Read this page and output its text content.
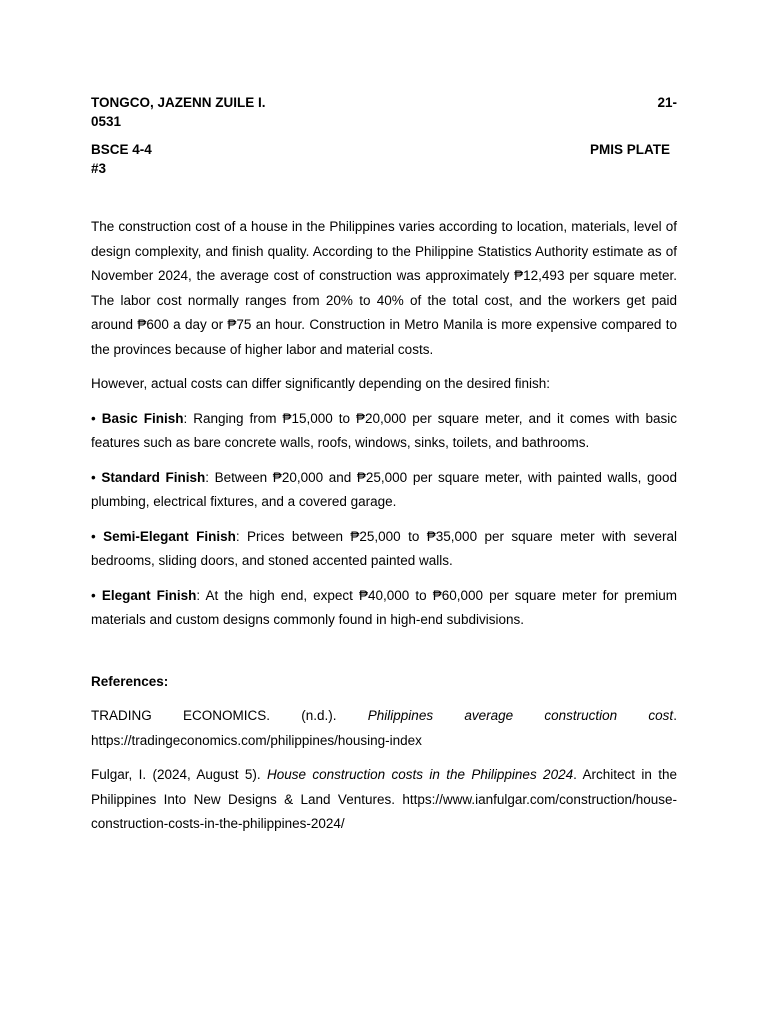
TONGCO, JAZENN ZUILE I.	21-
0531
BSCE 4-4	PMIS PLATE
#3

The construction cost of a house in the Philippines varies according to location, materials, level of design complexity, and finish quality. According to the Philippine Statistics Authority estimate as of November 2024, the average cost of construction was approximately ₱12,493 per square meter. The labor cost normally ranges from 20% to 40% of the total cost, and the workers get paid around ₱600 a day or ₱75 an hour. Construction in Metro Manila is more expensive compared to the provinces because of higher labor and material costs.

However, actual costs can differ significantly depending on the desired finish:

• Basic Finish: Ranging from ₱15,000 to ₱20,000 per square meter, and it comes with basic features such as bare concrete walls, roofs, windows, sinks, toilets, and bathrooms.

• Standard Finish: Between ₱20,000 and ₱25,000 per square meter, with painted walls, good plumbing, electrical fixtures, and a covered garage.

• Semi-Elegant Finish: Prices between ₱25,000 to ₱35,000 per square meter with several bedrooms, sliding doors, and stoned accented painted walls.

• Elegant Finish: At the high end, expect ₱40,000 to ₱60,000 per square meter for premium materials and custom designs commonly found in high-end subdivisions.

References:
TRADING ECONOMICS. (n.d.). Philippines average construction cost.
https://tradingeconomics.com/philippines/housing-index
Fulgar, I. (2024, August 5). House construction costs in the Philippines 2024. Architect in the Philippines Into New Designs & Land Ventures. https://www.ianfulgar.com/construction/house-construction-costs-in-the-philippines-2024/
